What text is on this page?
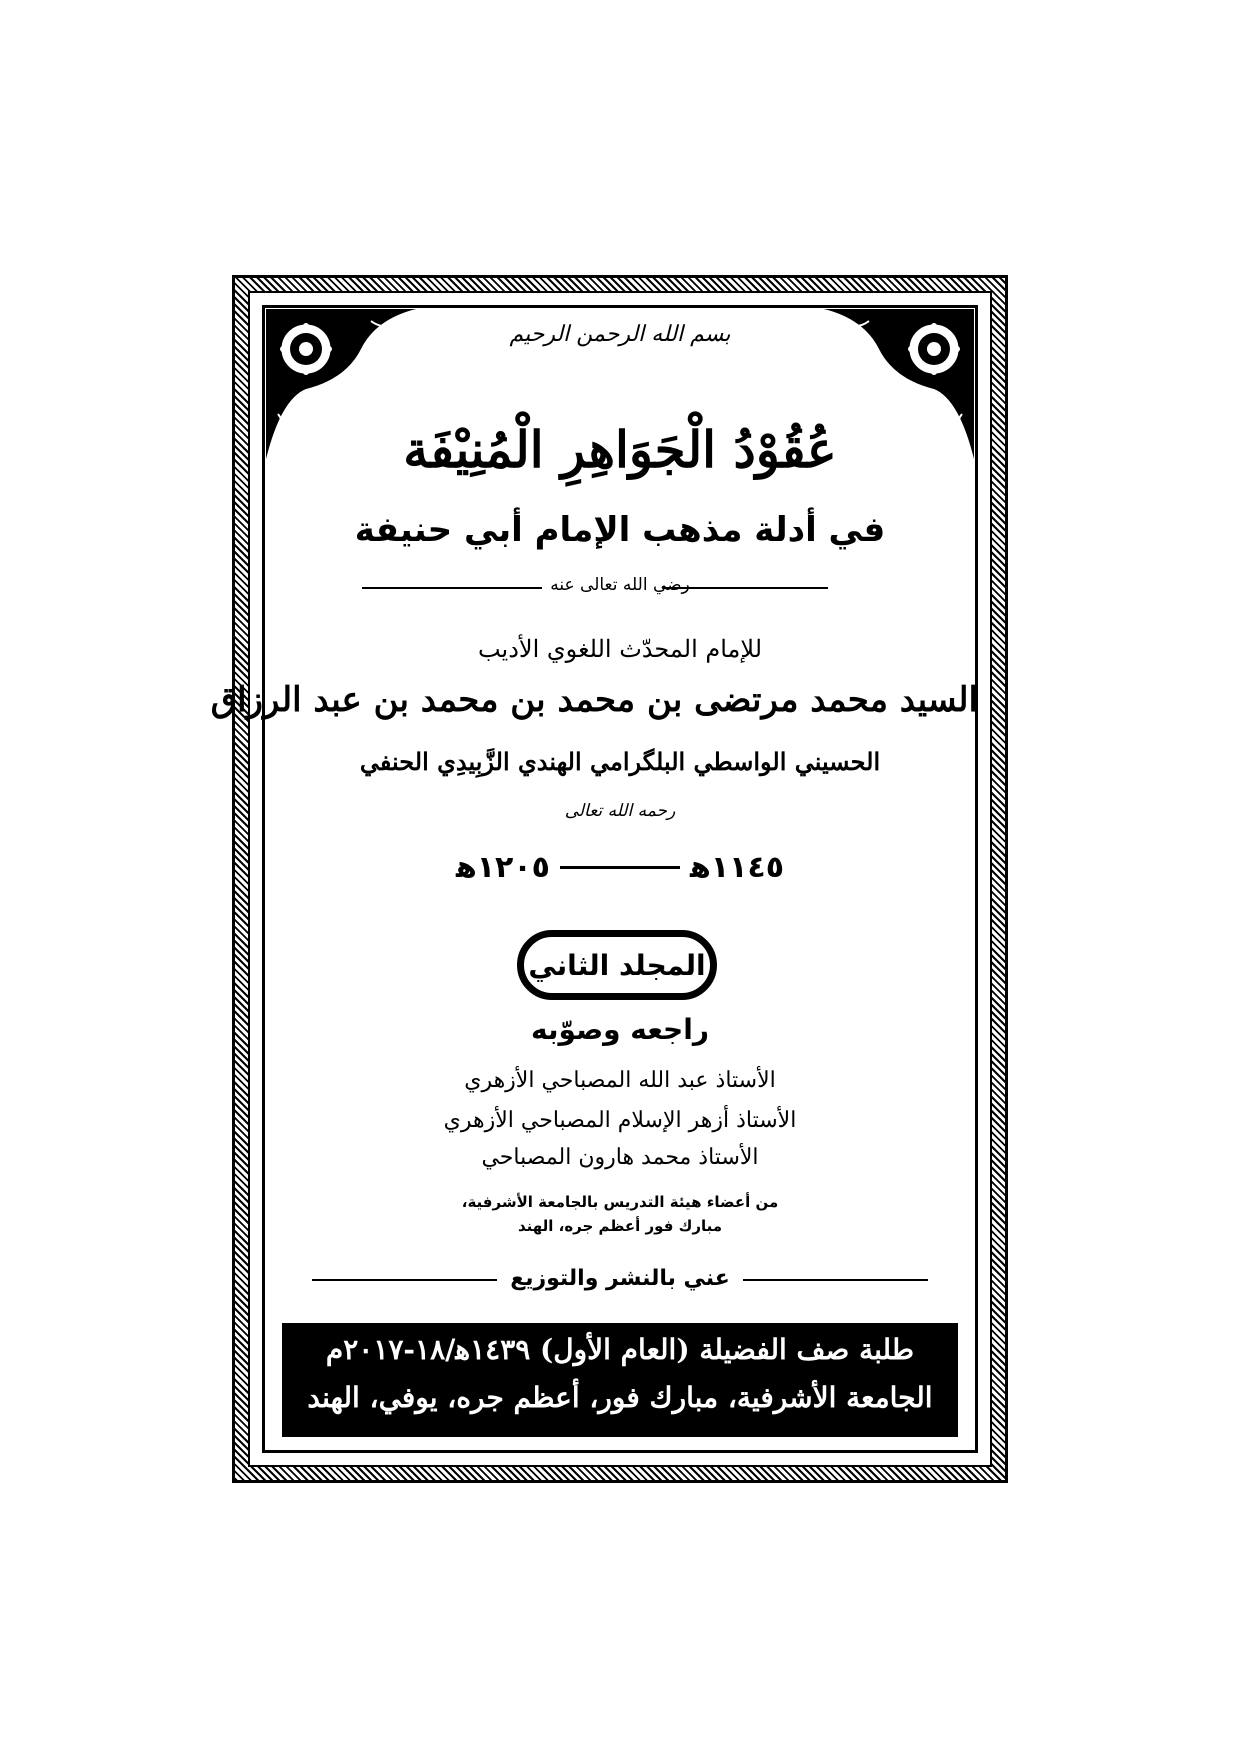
بسم الله الرحمن الرحيم

عُقُوْدُ الْجَوَاهِرِ الْمُنِيْفَة

في أدلة مذهب الإمام أبي حنيفة

رضي الله تعالى عنه

للإمام المحدّث اللغوي الأديب

السيد محمد مرتضى بن محمد بن محمد بن عبد الرزاق

الحسيني الواسطي البلگرامي الهندي الزَّبِيدِي الحنفي

رحمه الله تعالى

١١٤٥ﻫ
١٢٠٥ﻫ
المجلد الثاني

راجعه وصوّبه

الأستاذ عبد الله المصباحي الأزهري

الأستاذ أزهر الإسلام المصباحي الأزهري

الأستاذ محمد هارون المصباحي

من أعضاء هيئة التدريس بالجامعة الأشرفية،

مبارك فور أعظم جره، الهند

عني بالنشر والتوزيع

طلبة صف الفضيلة (العام الأول) ١٤٣٩ﻫ/١٨-٢٠١٧م
الجامعة الأشرفية، مبارك فور، أعظم جره، يوفي، الهند
